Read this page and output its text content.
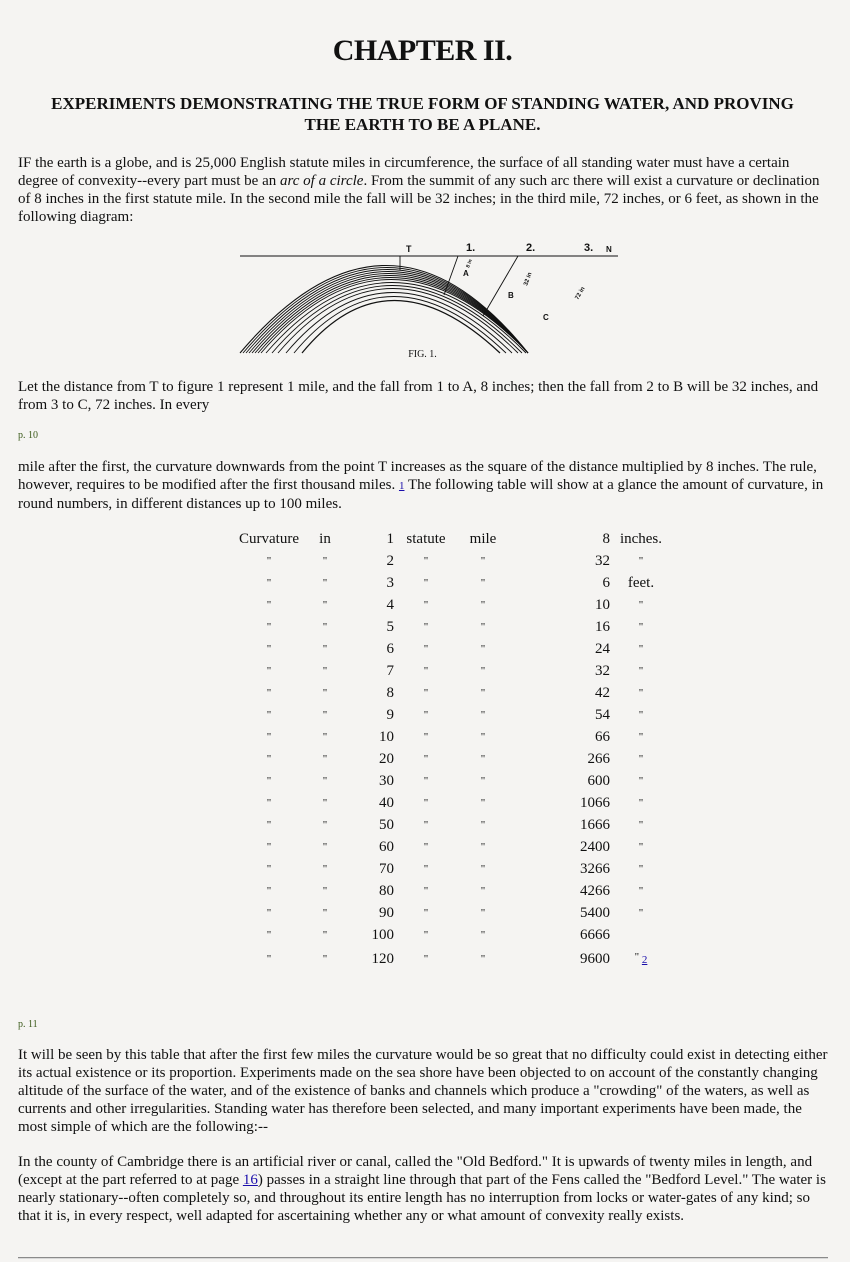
CHAPTER II.
EXPERIMENTS DEMONSTRATING THE TRUE FORM OF STANDING WATER, AND PROVING THE EARTH TO BE A PLANE.

IF the earth is a globe, and is 25,000 English statute miles in circumference, the surface of all standing water must have a certain degree of convexity--every part must be an arc of a circle. From the summit of any such arc there will exist a curvature or declination of 8 inches in the first statute mile. In the second mile the fall will be 32 inches; in the third mile, 72 inches, or 6 feet, as shown in the following diagram:

T	1.	2.	3. N
A
B
C
8 in
32 in
72 in
FIG. 1.

Let the distance from T to figure 1 represent 1 mile, and the fall from 1 to A, 8 inches; then the fall from 2 to B will be 32 inches, and from 3 to C, 72 inches. In every

p. 10

mile after the first, the curvature downwards from the point T increases as the square of the distance multiplied by 8 inches. The rule, however, requires to be modified after the first thousand miles. 1 The following table will show at a glance the amount of curvature, in round numbers, in different distances up to 100 miles.

Curvature	in	1	statute	mile	8	inches.
"	"	2	"	"	32	"
"	"	3	"	"	6	feet.
"	"	4	"	"	10	"
"	"	5	"	"	16	"
"	"	6	"	"	24	"
"	"	7	"	"	32	"
"	"	8	"	"	42	"
"	"	9	"	"	54	"
"	"	10	"	"	66	"
"	"	20	"	"	266	"
"	"	30	"	"	600	"
"	"	40	"	"	1066	"
"	"	50	"	"	1666	"
"	"	60	"	"	2400	"
"	"	70	"	"	3266	"
"	"	80	"	"	4266	"
"	"	90	"	"	5400	"
"	"	100	"	"	6666	
"	"	120	"	"	9600	" 2
p. 11

It will be seen by this table that after the first few miles the curvature would be so great that no difficulty could exist in detecting either its actual existence or its proportion. Experiments made on the sea shore have been objected to on account of the constantly changing altitude of the surface of the water, and of the existence of banks and channels which produce a "crowding" of the waters, as well as currents and other irregularities. Standing water has therefore been selected, and many important experiments have been made, the most simple of which are the following:--

In the county of Cambridge there is an artificial river or canal, called the "Old Bedford." It is upwards of twenty miles in length, and (except at the part referred to at page 16) passes in a straight line through that part of the Fens called the "Bedford Level." The water is nearly stationary--often completely so, and throughout its entire length has no interruption from locks or water-gates of any kind; so that it is, in every respect, well adapted for ascertaining whether any or what amount of convexity really exists.
